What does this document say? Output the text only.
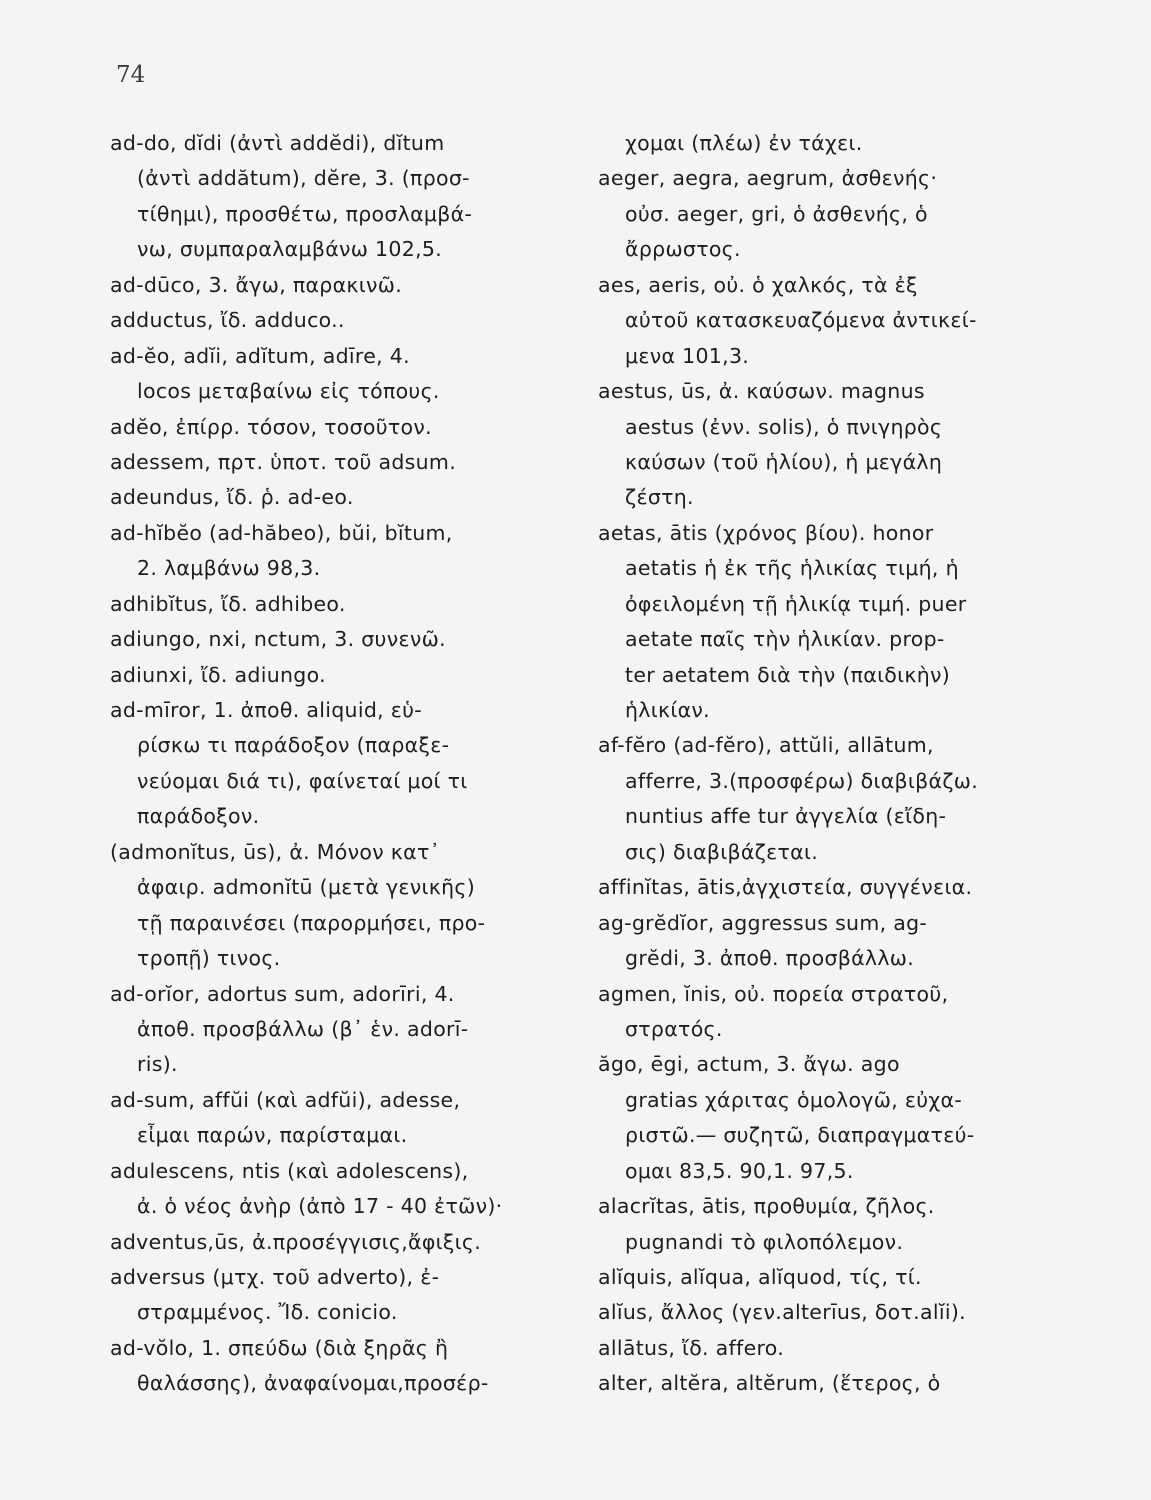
74
ad-do, dĭdi (ἀντὶ addĕdi), dĭtum
(ἀντὶ addătum), dĕre, 3. (προσ-
τίθημι), προσθέτω, προσλαμβά-
νω, συμπαραλαμβάνω 102,5.
ad-dūco, 3. ἄγω, παρακινῶ.
adductus, ἴδ. adduco..
ad-ĕo, adĭi, adĭtum, adīre, 4.
locos μεταβαίνω εἰς τόπους.
adĕo, ἐπίρρ. τόσον, τοσοῦτον.
adessem, πρτ. ὑποτ. τοῦ adsum.
adeundus, ἴδ. ῥ. ad-eo.
ad-hĭbĕo (ad-hăbeo), bŭi, bĭtum,
2. λαμβάνω 98,3.
adhibĭtus, ἴδ. adhibeo.
adiungo, nxi, nctum, 3. συνενῶ.
adiunxi, ἴδ. adiungo.
ad-mīror, 1. ἀποθ. aliquid, εὑ-
ρίσκω τι παράδοξον (παραξε-
νεύομαι διά τι), φαίνεταί μοί τι
παράδοξον.
(admonĭtus, ūs), ἀ. Μόνον κατ᾽
ἀφαιρ. admonĭtū (μετὰ γενικῆς)
τῇ παραινέσει (παρορμήσει, προ-
τροπῇ) τινος.
ad-orĭor, adortus sum, adorīri, 4.
ἀποθ. προσβάλλω (β᾽ ἑν. adorī-
ris).
ad-sum, affŭi (καὶ adfŭi), adesse,
εἶμαι παρών, παρίσταμαι.
adulescens, ntis (καὶ adolescens),
ἀ. ὁ νέος ἀνὴρ (ἀπὸ 17 - 40 ἐτῶν)·
adventus,ūs, ἀ.προσέγγισις,ἄφιξις.
adversus (μτχ. τοῦ adverto), ἐ-
στραμμένος. Ἴδ. conicio.
ad-vŏlo, 1. σπεύδω (διὰ ξηρᾶς ἢ
θαλάσσης), ἀναφαίνομαι,προσέρ-
χομαι (πλέω) ἐν τάχει.
aeger, aegra, aegrum, ἀσθενής·
οὐσ. aeger, gri, ὁ ἀσθενής, ὁ
ἄρρωστος.
aes, aeris, οὐ. ὁ χαλκός, τὰ ἐξ
αὐτοῦ κατασκευαζόμενα ἀντικεί-
μενα 101,3.
aestus, ūs, ἀ. καύσων. magnus
aestus (ἐνν. solis), ὁ πνιγηρὸς
καύσων (τοῦ ἡλίου), ἡ μεγάλη
ζέστη.
aetas, ātis (χρόνος βίου). honor
aetatis ἡ ἐκ τῆς ἡλικίας τιμή, ἡ
ὀφειλομένη τῇ ἡλικίᾳ τιμή. puer
aetate παῖς τὴν ἡλικίαν. prop-
ter aetatem διὰ τὴν (παιδικὴν)
ἡλικίαν.
af-fĕro (ad-fĕro), attŭli, allātum,
afferre, 3.(προσφέρω) διαβιβάζω.
nuntius affe tur ἀγγελία (εἴδη-
σις) διαβιβάζεται.
affinĭtas, ātis,ἀγχιστεία, συγγένεια.
ag-grĕdĭor, aggressus sum, ag-
grĕdi, 3. ἀποθ. προσβάλλω.
agmen, ĭnis, οὐ. πορεία στρατοῦ,
στρατός.
ăgo, ēgi, actum, 3. ἄγω. ago
gratias χάριτας ὁμολογῶ, εὐχα-
ριστῶ.— συζητῶ, διαπραγματεύ-
ομαι 83,5. 90,1. 97,5.
alacrĭtas, ātis, προθυμία, ζῆλος.
pugnandi τὸ φιλοπόλεμον.
alĭquis, alĭqua, alĭquod, τίς, τί.
alĭus, ἄλλος (γεν.alterīus, δοτ.alĭi).
allātus, ἴδ. affero.
alter, altĕra, altĕrum, (ἕτερος, ὁ
